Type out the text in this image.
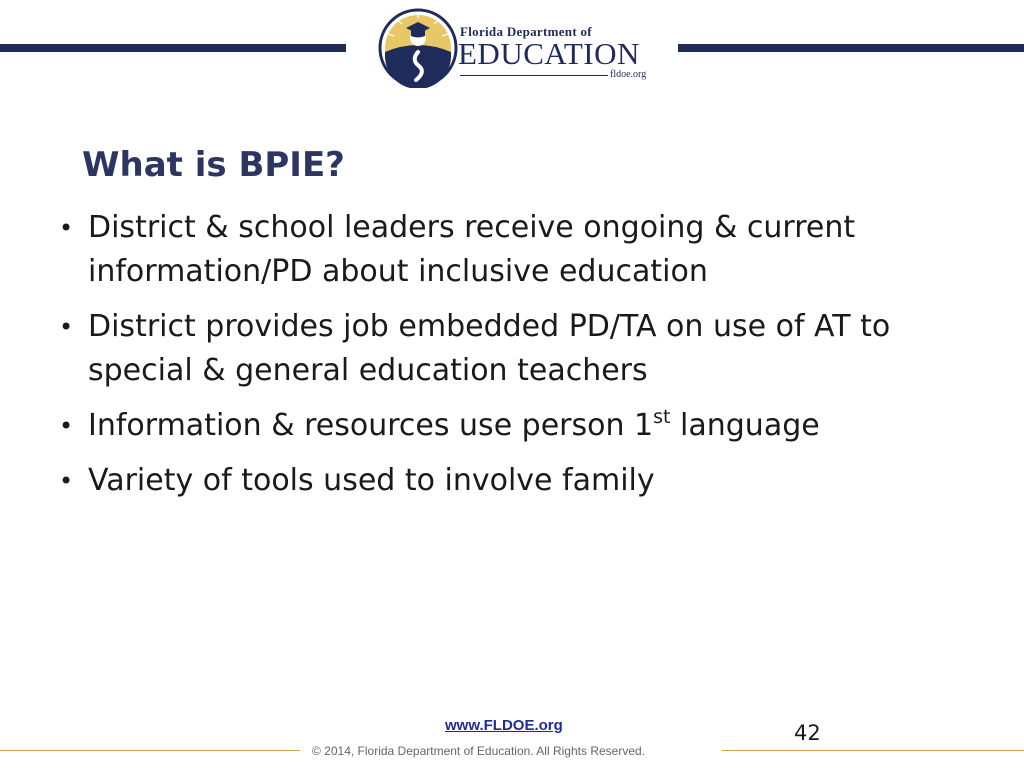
Florida Department of
EDUCATION
fldoe.org
What is BPIE?
• District & school leaders receive ongoing & current information/PD about inclusive education
• District provides job embedded PD/TA on use of AT to special & general education teachers
• Information & resources use person 1st language
• Variety of tools used to involve family
www.FLDOE.org	42
© 2014, Florida Department of Education. All Rights Reserved.
